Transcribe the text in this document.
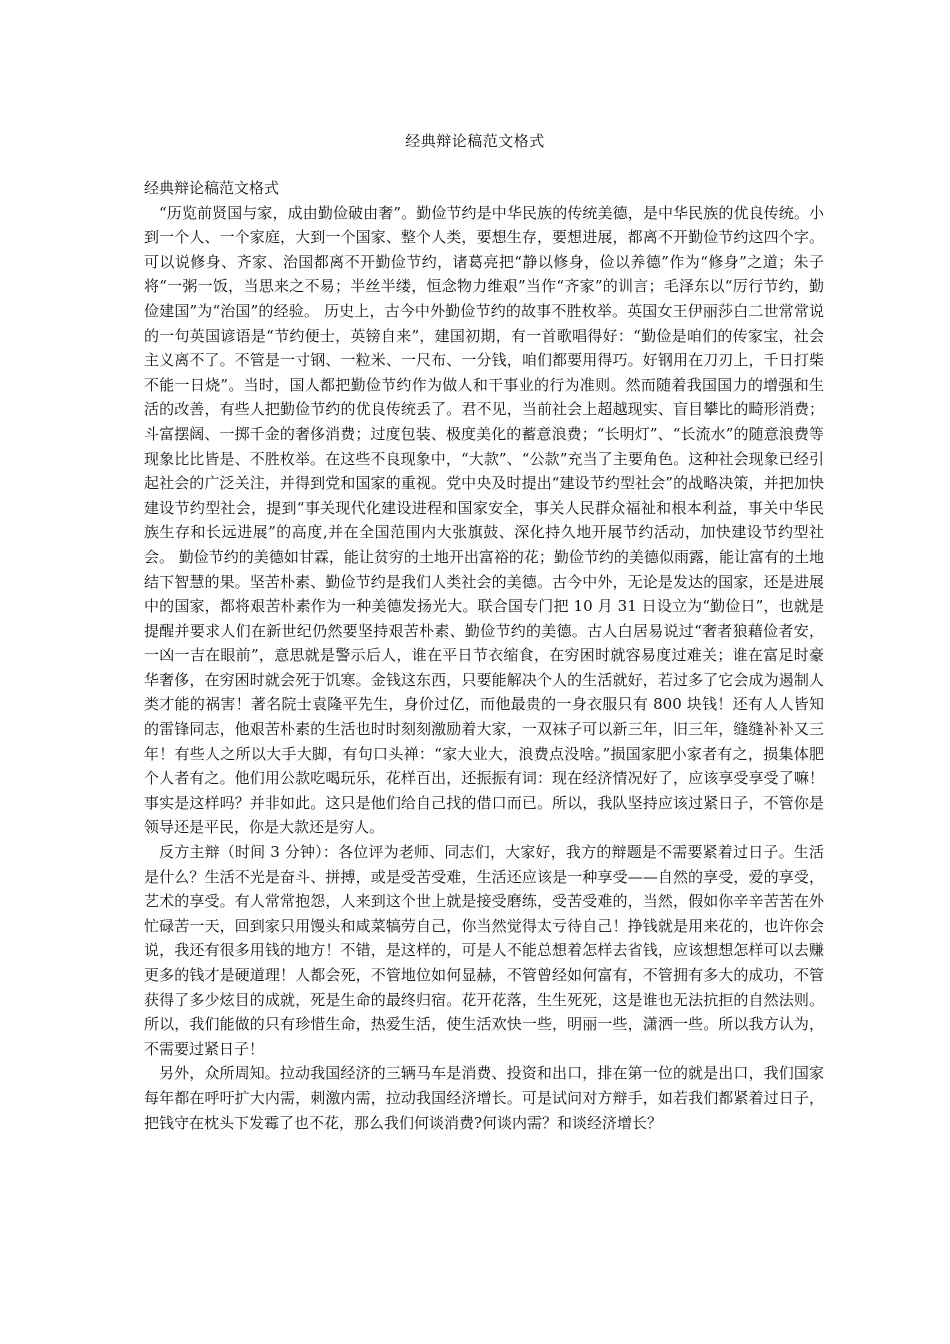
经典辩论稿范文格式

经典辩论稿范文格式

“历览前贤国与家，成由勤俭破由奢”。勤俭节约是中华民族的传统美德，是中华民族的优良传统。小到一个人、一个家庭，大到一个国家、整个人类，要想生存，要想进展，都离不开勤俭节约这四个字。可以说修身、齐家、治国都离不开勤俭节约，诸葛亮把“静以修身，俭以养德”作为“修身”之道；朱子将“一粥一饭，当思来之不易；半丝半缕，恒念物力维艰”当作“齐家”的训言；毛泽东以“厉行节约，勤俭建国”为“治国”的经验。 历史上，古今中外勤俭节约的故事不胜枚举。英国女王伊丽莎白二世常常说的一句英国谚语是“节约便士，英镑自来”，建国初期，有一首歌唱得好：“勤俭是咱们的传家宝，社会主义离不了。不管是一寸钢、一粒米、一尺布、一分钱，咱们都要用得巧。好钢用在刀刃上，千日打柴不能一日烧”。当时，国人都把勤俭节约作为做人和干事业的行为准则。然而随着我国国力的增强和生活的改善，有些人把勤俭节约的优良传统丢了。君不见，当前社会上超越现实、盲目攀比的畸形消费；斗富摆阔、一掷千金的奢侈消费；过度包装、极度美化的蓄意浪费；“长明灯”、“长流水”的随意浪费等现象比比皆是、不胜枚举。在这些不良现象中，“大款”、“公款”充当了主要角色。这种社会现象已经引起社会的广泛关注，并得到党和国家的重视。党中央及时提出“建设节约型社会”的战略决策，并把加快建设节约型社会，提到“事关现代化建设进程和国家安全，事关人民群众福祉和根本利益，事关中华民族生存和长远进展”的高度,并在全国范围内大张旗鼓、深化持久地开展节约活动，加快建设节约型社会。 勤俭节约的美德如甘霖，能让贫穷的土地开出富裕的花；勤俭节约的美德似雨露，能让富有的土地结下智慧的果。坚苦朴素、勤俭节约是我们人类社会的美德。古今中外，无论是发达的国家，还是进展中的国家，都将艰苦朴素作为一种美德发扬光大。联合国专门把 10 月 31 日设立为“勤俭日”，也就是提醒并要求人们在新世纪仍然要坚持艰苦朴素、勤俭节约的美德。古人白居易说过“奢者狼藉俭者安，一凶一吉在眼前”，意思就是警示后人，谁在平日节衣缩食，在穷困时就容易度过难关；谁在富足时豪华奢侈，在穷困时就会死于饥寒。金钱这东西，只要能解决个人的生活就好，若过多了它会成为遏制人类才能的祸害！著名院士袁隆平先生，身价过亿，而他最贵的一身衣服只有 800 块钱！还有人人皆知的雷锋同志，他艰苦朴素的生活也时时刻刻激励着大家，一双袜子可以新三年，旧三年，缝缝补补又三年！有些人之所以大手大脚，有句口头禅：“家大业大，浪费点没啥。”损国家肥小家者有之，损集体肥个人者有之。他们用公款吃喝玩乐，花样百出，还振振有词：现在经济情况好了，应该享受享受了嘛！事实是这样吗？并非如此。这只是他们给自己找的借口而已。所以，我队坚持应该过紧日子，不管你是领导还是平民，你是大款还是穷人。

反方主辩（时间 3 分钟）：各位评为老师、同志们，大家好，我方的辩题是不需要紧着过日子。生活是什么？生活不光是奋斗、拼搏，或是受苦受难，生活还应该是一种享受——自然的享受，爱的享受，艺术的享受。有人常常抱怨，人来到这个世上就是接受磨练，受苦受难的，当然，假如你辛辛苦苦在外忙碌苦一天，回到家只用馒头和咸菜犒劳自己，你当然觉得太亏待自己！挣钱就是用来花的，也许你会说，我还有很多用钱的地方！不错，是这样的，可是人不能总想着怎样去省钱，应该想想怎样可以去赚更多的钱才是硬道理！人都会死，不管地位如何显赫，不管曾经如何富有，不管拥有多大的成功，不管获得了多少炫目的成就，死是生命的最终归宿。花开花落，生生死死，这是谁也无法抗拒的自然法则。所以，我们能做的只有珍惜生命，热爱生活，使生活欢快一些，明丽一些，潇洒一些。所以我方认为，不需要过紧日子！

另外，众所周知。拉动我国经济的三辆马车是消费、投资和出口，排在第一位的就是出口，我们国家每年都在呼吁扩大内需，刺激内需，拉动我国经济增长。可是试问对方辩手，如若我们都紧着过日子，把钱守在枕头下发霉了也不花，那么我们何谈消费?何谈内需？和谈经济增长？
